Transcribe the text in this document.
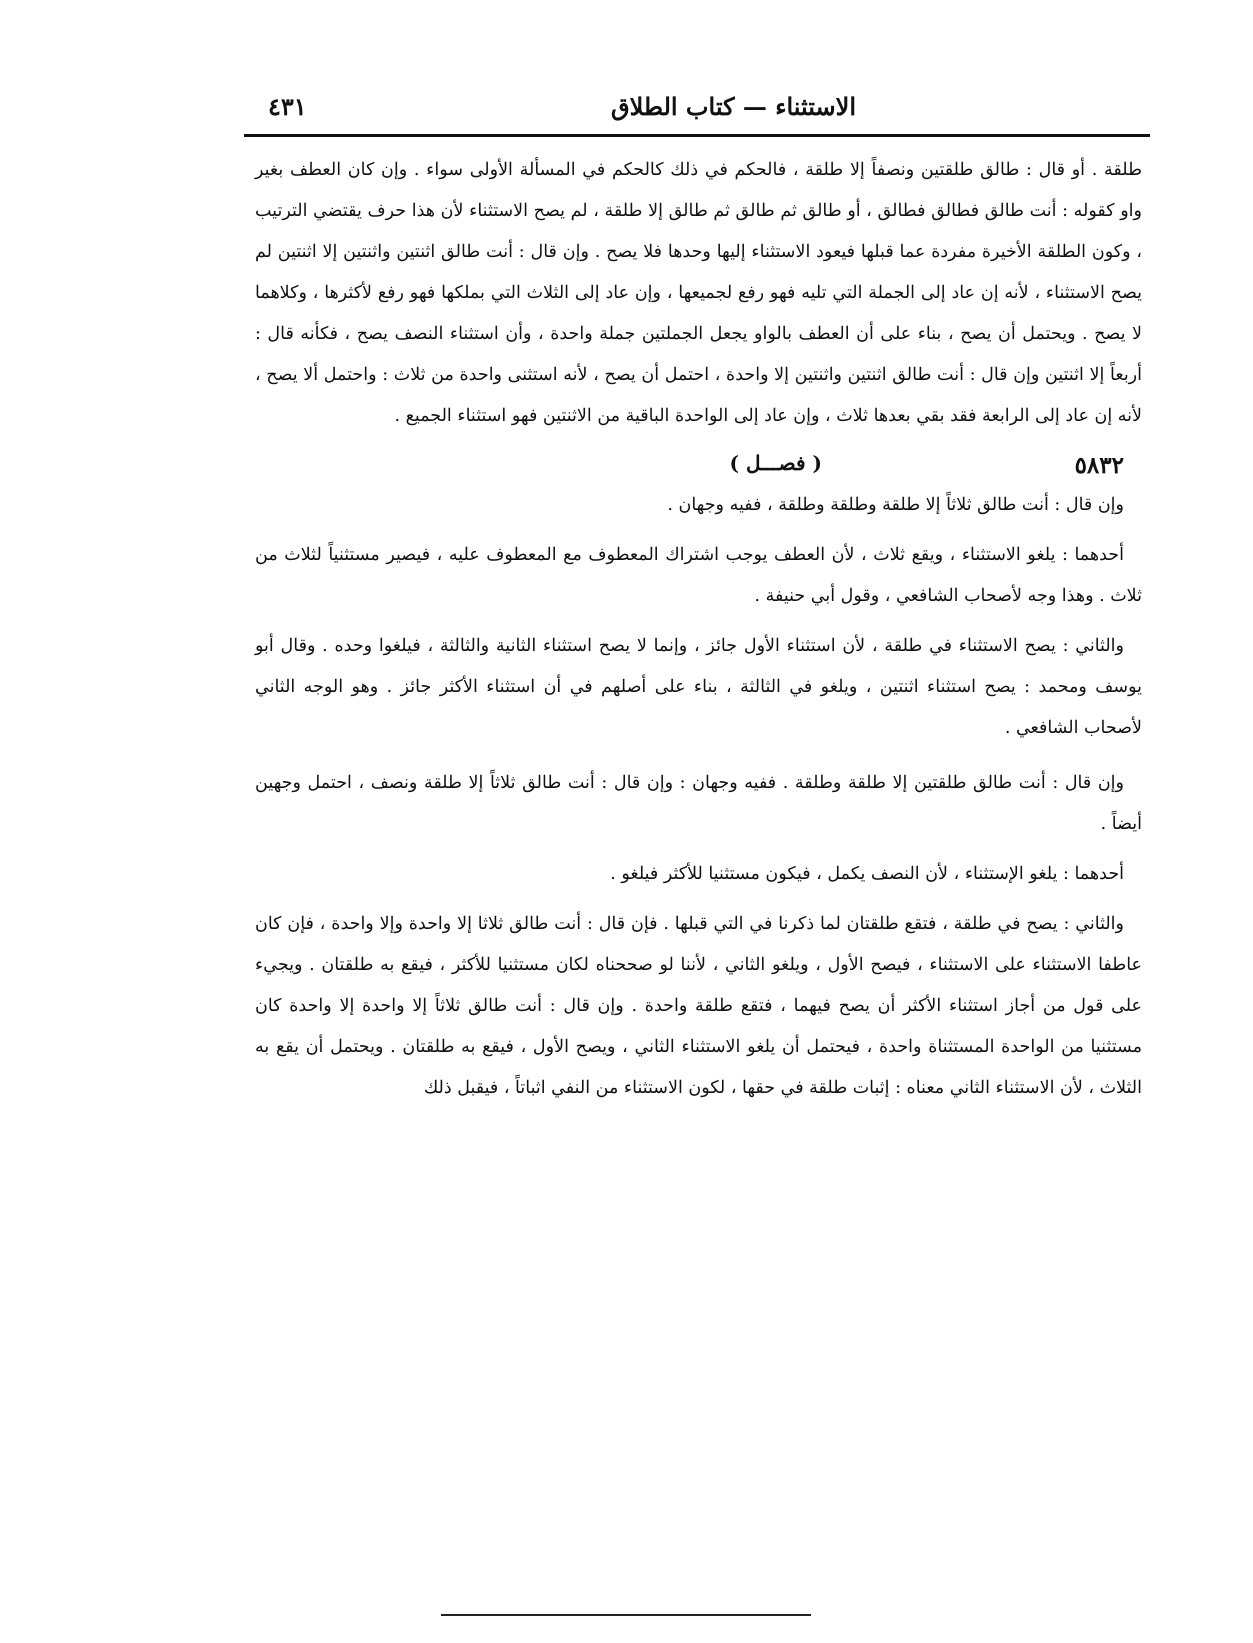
الاستثناء — كتاب الطلاق
٤٣١

طلقة . أو قال : طالق طلقتين ونصفاً إلا طلقة ، فالحكم في ذلك كالحكم في المسألة الأولى سواء . وإن كان العطف بغير واو كقوله : أنت طالق فطالق فطالق ، أو طالق ثم طالق ثم طالق إلا طلقة ، لم يصح الاستثناء لأن هذا حرف يقتضي الترتيب ، وكون الطلقة الأخيرة مفردة عما قبلها فيعود الاستثناء إليها وحدها فلا يصح . وإن قال : أنت طالق اثنتين واثنتين إلا اثنتين لم يصح الاستثناء ، لأنه إن عاد إلى الجملة التي تليه فهو رفع لجميعها ، وإن عاد إلى الثلاث التي بملكها فهو رفع لأكثرها ، وكلاهما لا يصح . ويحتمل أن يصح ، بناء على أن العطف بالواو يجعل الجملتين جملة واحدة ، وأن استثناء النصف يصح ، فكأنه قال : أربعاً إلا اثنتين وإن قال : أنت طالق اثنتين واثنتين إلا واحدة ، احتمل أن يصح ، لأنه استثنى واحدة من ثلاث : واحتمل ألا يصح ، لأنه إن عاد إلى الرابعة فقد بقي بعدها ثلاث ، وإن عاد إلى الواحدة الباقية من الاثنتين فهو استثناء الجميع .

٥٨٣٢
( فصـــل )

وإن قال : أنت طالق ثلاثاً إلا طلقة وطلقة وطلقة ، ففيه وجهان .

أحدهما : يلغو الاستثناء ، ويقع ثلاث ، لأن العطف يوجب اشتراك المعطوف مع المعطوف عليه ، فيصير مستثنياً لثلاث من ثلاث . وهذا وجه لأصحاب الشافعي ، وقول أبي حنيفة .

والثاني : يصح الاستثناء في طلقة ، لأن استثناء الأول جائز ، وإنما لا يصح استثناء الثانية والثالثة ، فيلغوا وحده . وقال أبو يوسف ومحمد : يصح استثناء اثنتين ، ويلغو في الثالثة ، بناء على أصلهم في أن استثناء الأكثر جائز . وهو الوجه الثاني لأصحاب الشافعي .

وإن قال : أنت طالق طلقتين إلا طلقة وطلقة . ففيه وجهان : وإن قال : أنت طالق ثلاثاً إلا طلقة ونصف ، احتمل وجهين أيضاً .

أحدهما : يلغو الإستثناء ، لأن النصف يكمل ، فيكون مستثنيا للأكثر فيلغو .

والثاني : يصح في طلقة ، فتقع طلقتان لما ذكرنا في التي قبلها . فإن قال : أنت طالق ثلاثا إلا واحدة وإلا واحدة ، فإن كان عاطفا الاستثناء على الاستثناء ، فيصح الأول ، ويلغو الثاني ، لأننا لو صححناه لكان مستثنيا للأكثر ، فيقع به طلقتان . ويجيء على قول من أجاز استثناء الأكثر أن يصح فيهما ، فتقع طلقة واحدة . وإن قال : أنت طالق ثلاثاً إلا واحدة إلا واحدة كان مستثنيا من الواحدة المستثناة واحدة ، فيحتمل أن يلغو الاستثناء الثاني ، ويصح الأول ، فيقع به طلقتان . ويحتمل أن يقع به الثلاث ، لأن الاستثناء الثاني معناه : إثبات طلقة في حقها ، لكون الاستثناء من النفي اثباتاً ، فيقبل ذلك
